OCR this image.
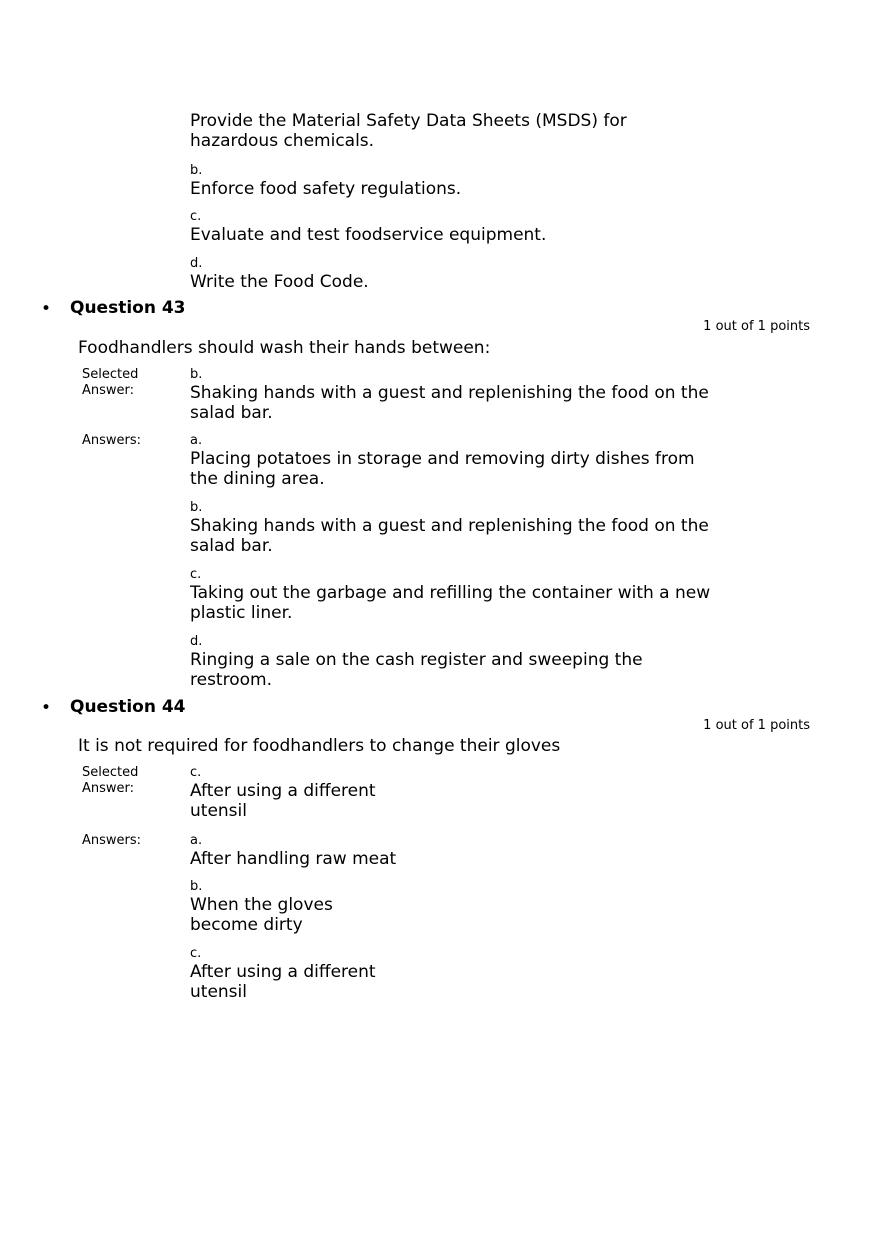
Provide the Material Safety Data Sheets (MSDS) for hazardous chemicals.
b.
Enforce food safety regulations.
c.
Evaluate and test foodservice equipment.
d.
Write the Food Code.
• Question 43
1 out of 1 points
Foodhandlers should wash their hands between:
Selected
Answer:
b.
Shaking hands with a guest and replenishing the food on the salad bar.
Answers:	a.
Placing potatoes in storage and removing dirty dishes from the dining area.
b.
Shaking hands with a guest and replenishing the food on the salad bar.
c.
Taking out the garbage and refilling the container with a new plastic liner.
d.
Ringing a sale on the cash register and sweeping the restroom.
• Question 44
1 out of 1 points
It is not required for foodhandlers to change their gloves
Selected
Answer:
c.
After using a different utensil
Answers:	a.
After handling raw meat
b.
When the gloves become dirty
c.
After using a different utensil
